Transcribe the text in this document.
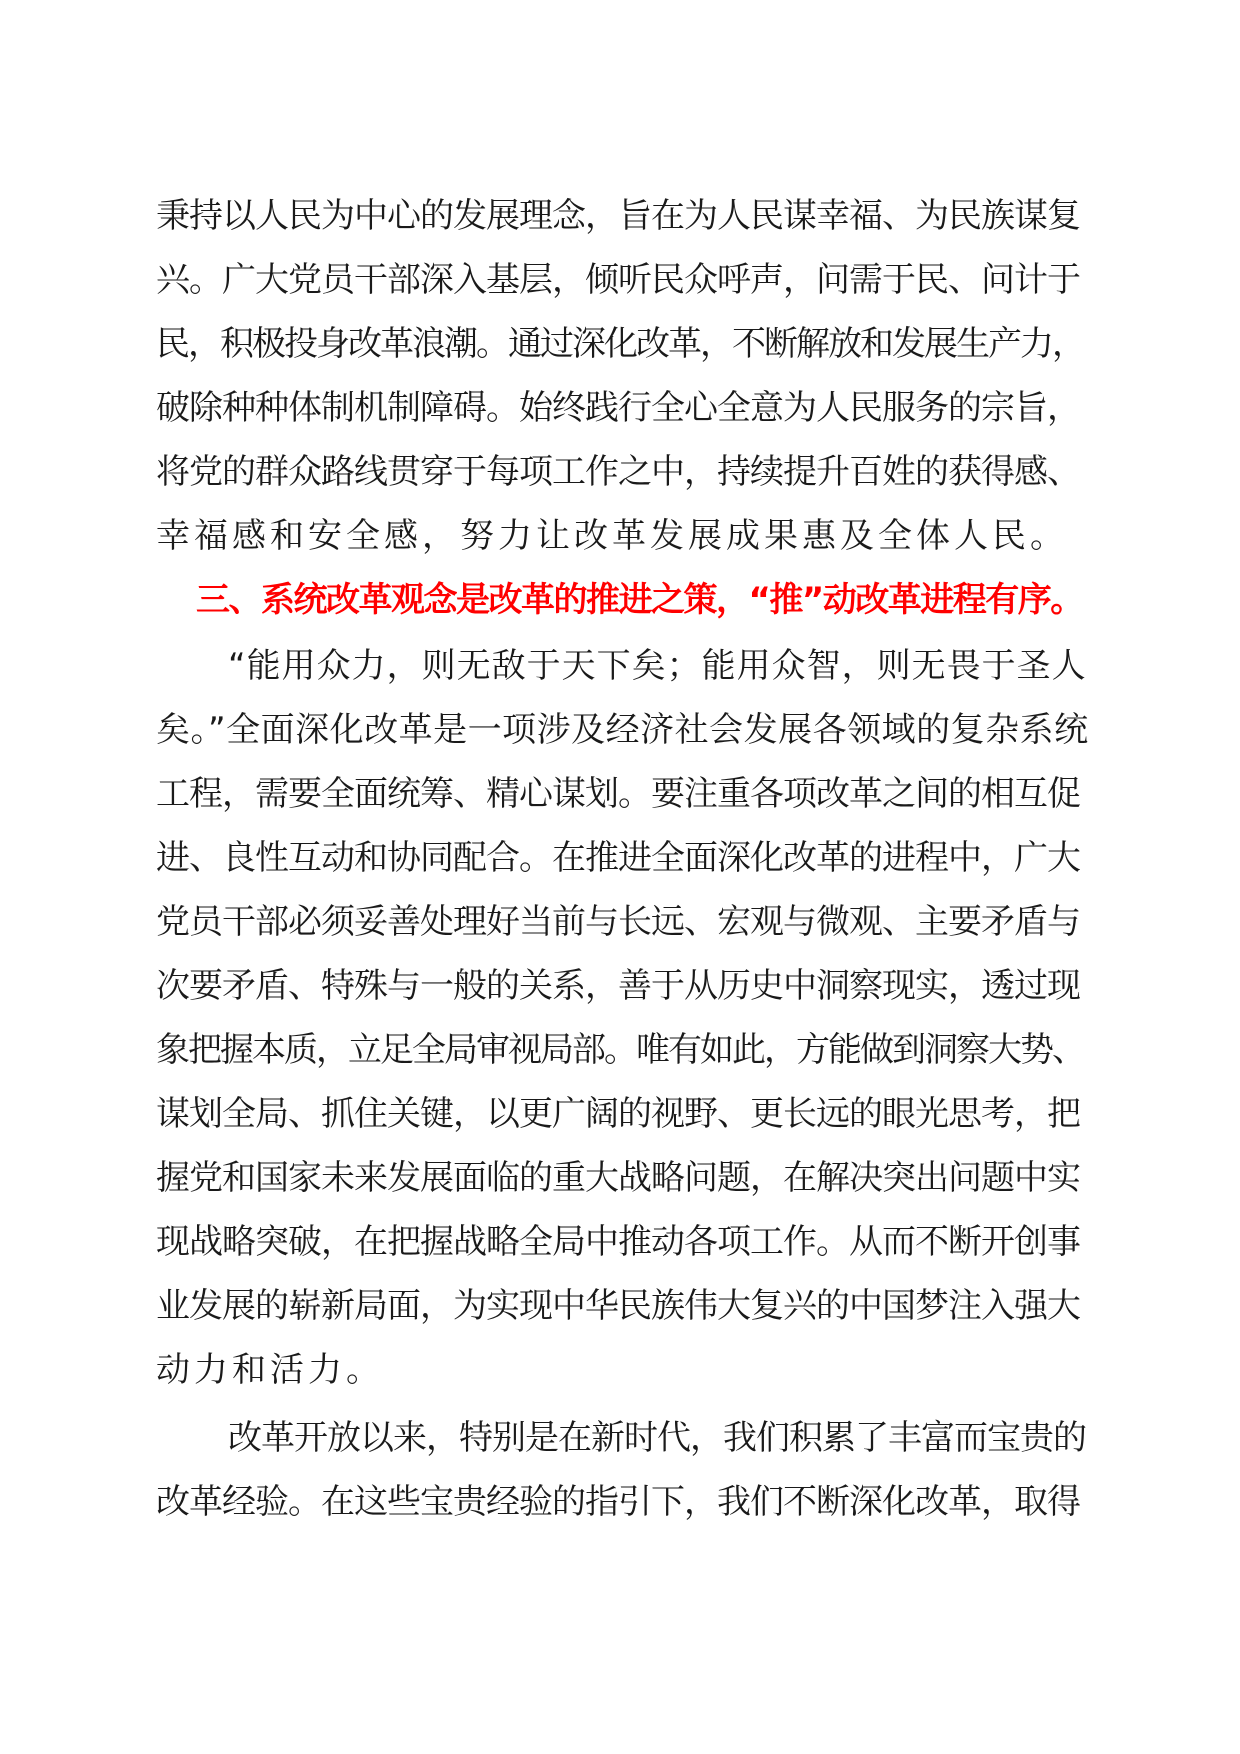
秉持以人民为中心的发展理念，旨在为人民谋幸福、为民族谋复
兴。广大党员干部深入基层，倾听民众呼声，问需于民、问计于
民，积极投身改革浪潮。通过深化改革，不断解放和发展生产力，
破除种种体制机制障碍。始终践行全心全意为人民服务的宗旨，
将党的群众路线贯穿于每项工作之中，持续提升百姓的获得感、
幸福感和安全感，努力让改革发展成果惠及全体人民。
三、系统改革观念是改革的推进之策，“推”动改革进程有序。
“能用众力，则无敌于天下矣；能用众智，则无畏于圣人
矣。”全面深化改革是一项涉及经济社会发展各领域的复杂系统
工程，需要全面统筹、精心谋划。要注重各项改革之间的相互促
进、良性互动和协同配合。在推进全面深化改革的进程中，广大
党员干部必须妥善处理好当前与长远、宏观与微观、主要矛盾与
次要矛盾、特殊与一般的关系，善于从历史中洞察现实，透过现
象把握本质，立足全局审视局部。唯有如此，方能做到洞察大势、
谋划全局、抓住关键，以更广阔的视野、更长远的眼光思考，把
握党和国家未来发展面临的重大战略问题，在解决突出问题中实
现战略突破，在把握战略全局中推动各项工作。从而不断开创事
业发展的崭新局面，为实现中华民族伟大复兴的中国梦注入强大
动力和活力。
改革开放以来，特别是在新时代，我们积累了丰富而宝贵的
改革经验。在这些宝贵经验的指引下，我们不断深化改革，取得
